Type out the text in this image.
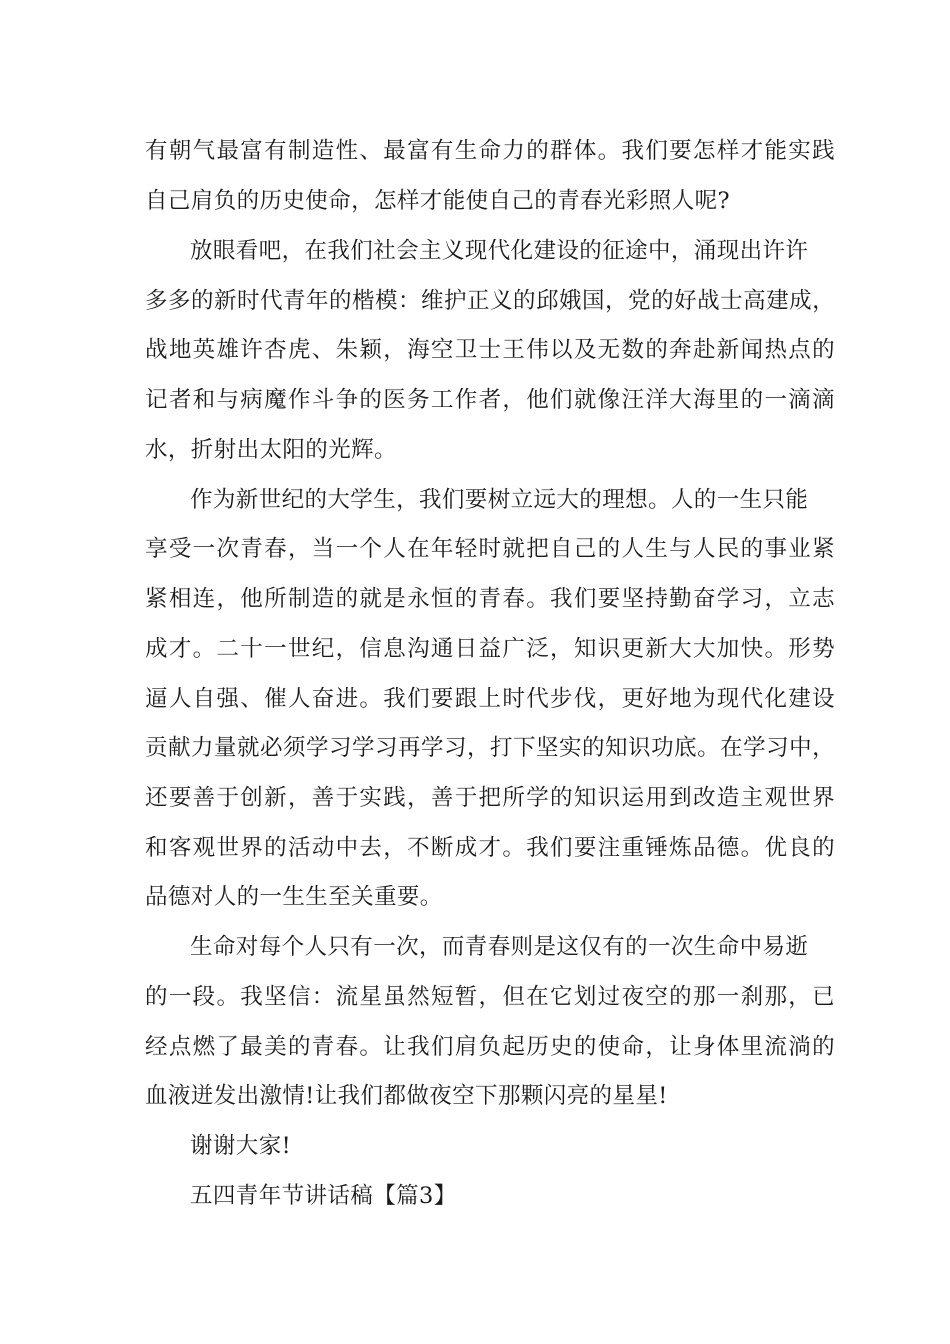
有朝气最富有制造性、最富有生命力的群体。我们要怎样才能实践
自己肩负的历史使命，怎样才能使自己的青春光彩照人呢?
放眼看吧，在我们社会主义现代化建设的征途中，涌现出许许
多多的新时代青年的楷模：维护正义的邱娥国，党的好战士高建成，
战地英雄许杏虎、朱颖，海空卫士王伟以及无数的奔赴新闻热点的
记者和与病魔作斗争的医务工作者，他们就像汪洋大海里的一滴滴
水，折射出太阳的光辉。
作为新世纪的大学生，我们要树立远大的理想。人的一生只能
享受一次青春，当一个人在年轻时就把自己的人生与人民的事业紧
紧相连，他所制造的就是永恒的青春。我们要坚持勤奋学习，立志
成才。二十一世纪，信息沟通日益广泛，知识更新大大加快。形势
逼人自强、催人奋进。我们要跟上时代步伐，更好地为现代化建设
贡献力量就必须学习学习再学习，打下坚实的知识功底。在学习中，
还要善于创新，善于实践，善于把所学的知识运用到改造主观世界
和客观世界的活动中去，不断成才。我们要注重锤炼品德。优良的
品德对人的一生生至关重要。
生命对每个人只有一次，而青春则是这仅有的一次生命中易逝
的一段。我坚信：流星虽然短暂，但在它划过夜空的那一刹那，已
经点燃了最美的青春。让我们肩负起历史的使命，让身体里流淌的
血液迸发出激情!让我们都做夜空下那颗闪亮的星星!
谢谢大家!
五四青年节讲话稿【篇3】
